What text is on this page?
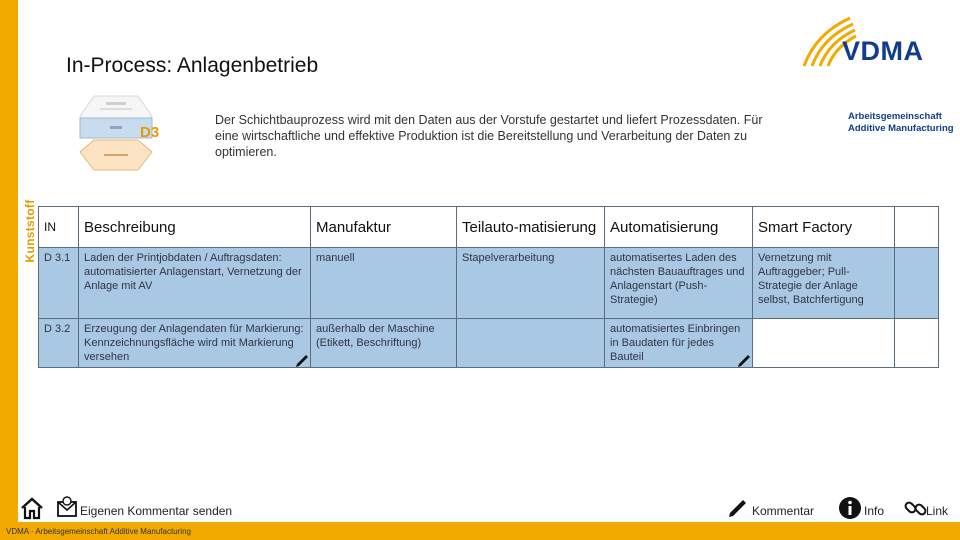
Kunststoff
In-Process: Anlagenbetrieb
D3
Der Schichtbauprozess wird mit den Daten aus der Vorstufe gestartet und liefert Prozessdaten. Für eine wirtschaftliche und effektive Produktion ist die Bereitstellung und Verarbeitung der Daten zu optimieren.
VDMA
Arbeitsgemeinschaft
Additive Manufacturing
IN	Beschreibung	Manufaktur	Teilauto-matisierung	Automatisierung	Smart Factory	
D 3.1	Laden der Printjobdaten / Auftragsdaten: automatisierter Anlagenstart, Vernetzung der Anlage mit AV	manuell	Stapelverarbeitung	automatisertes Laden des nächsten Bauauftrages und Anlagenstart (Push-Strategie)	Vernetzung mit Auftraggeber; Pull-Strategie der Anlage selbst, Batchfertigung	
D 3.2	Erzeugung der Anlagendaten für Markierung: Kennzeichnungsfläche wird mit Markierung versehen	außerhalb der Maschine (Etikett, Beschriftung)		automatisiertes Einbringen in Baudaten für jedes Bauteil

Eigenen Kommentar senden	Kommentar	Info	Link
VDMA · Arbeitsgemeinschaft Additive Manufacturing
